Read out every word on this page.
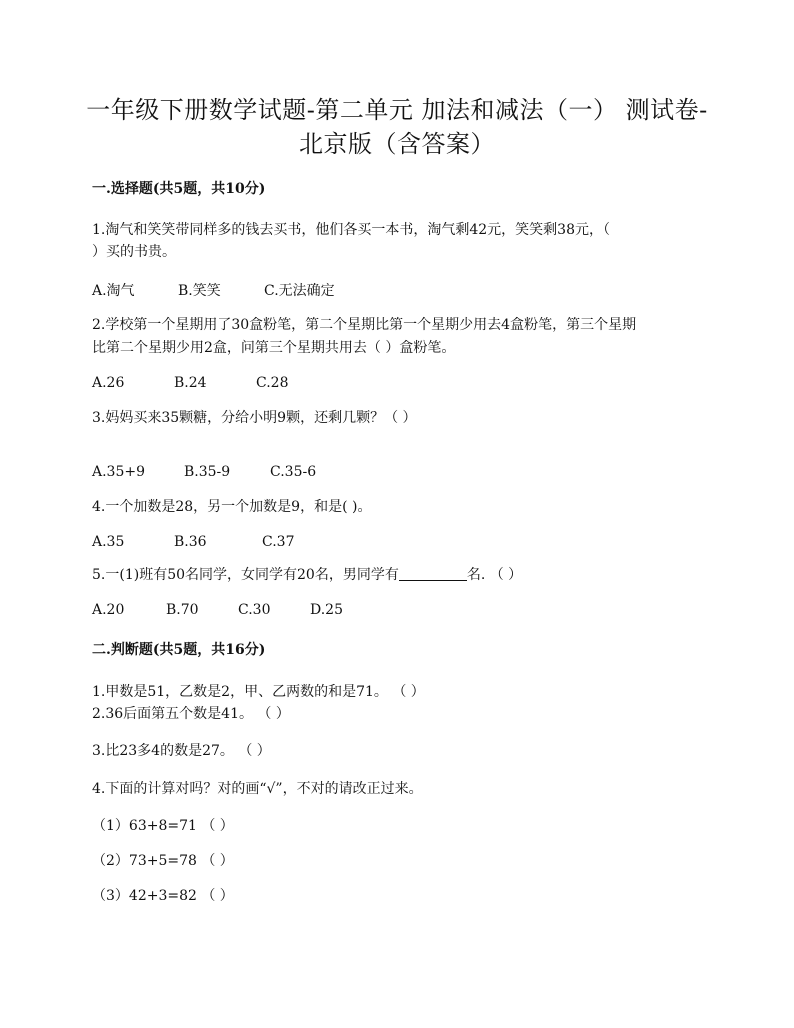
一年级下册数学试题-第二单元 加法和减法（一） 测试卷-
北京版（含答案）
一.选择题(共5题，共10分)
1.淘气和笑笑带同样多的钱去买书，他们各买一本书，淘气剩42元，笑笑剩38元，（
）买的书贵。
A.淘气	B.笑笑	C.无法确定
2.学校第一个星期用了30盒粉笔，第二个星期比第一个星期少用去4盒粉笔，第三个星期
比第二个星期少用2盒，问第三个星期共用去（ ）盒粉笔。
A.26	B.24	C.28
3.妈妈买来35颗糖，分给小明9颗，还剩几颗？（ ）
A.35+9	B.35-9	C.35-6
4.一个加数是28，另一个加数是9，和是( )。
A.35	B.36	C.37
5.一(1)班有50名同学，女同学有20名，男同学有	名. （ ）
A.20	B.70	C.30	D.25
二.判断题(共5题，共16分)
1.甲数是51，乙数是2，甲、乙两数的和是71。 （ ）
2.36后面第五个数是41。 （ ）
3.比23多4的数是27。 （ ）
4.下面的计算对吗？对的画“√”，不对的请改正过来。
（1）63+8=71 （ ）
（2）73+5=78 （ ）
（3）42+3=82 （ ）
